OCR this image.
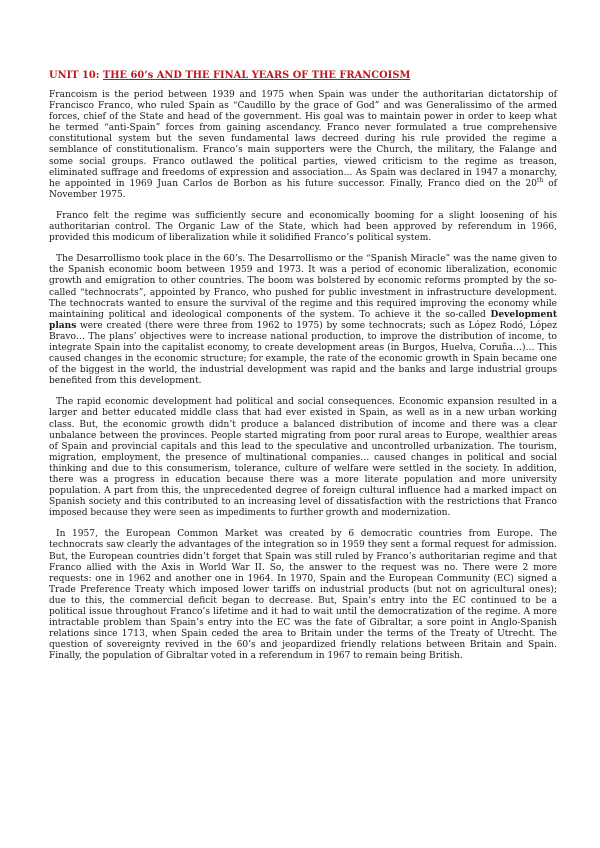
UNIT 10: THE 60’s AND THE FINAL YEARS OF THE FRANCOISM

Francoism is the period between 1939 and 1975 when Spain was under the authoritarian dictatorship of Francisco Franco, who ruled Spain as “Caudillo by the grace of God” and was Generalissimo of the armed forces, chief of the State and head of the government. His goal was to maintain power in order to keep what he termed “anti-Spain” forces from gaining ascendancy. Franco never formulated a true comprehensive constitutional system but the seven fundamental laws decreed during his rule provided the regime a semblance of constitutionalism. Franco’s main supporters were the Church, the military, the Falange and some social groups. Franco outlawed the political parties, viewed criticism to the regime as treason, eliminated suffrage and freedoms of expression and association… As Spain was declared in 1947 a monarchy, he appointed in 1969 Juan Carlos de Borbon as his future successor. Finally, Franco died on the 20th of November 1975.

Franco felt the regime was sufficiently secure and economically booming for a slight loosening of his authoritarian control. The Organic Law of the State, which had been approved by referendum in 1966, provided this modicum of liberalization while it solidified Franco’s political system.

The Desarrollismo took place in the 60’s. The Desarrollismo or the “Spanish Miracle” was the name given to the Spanish economic boom between 1959 and 1973. It was a period of economic liberalization, economic growth and emigration to other countries. The boom was bolstered by economic reforms prompted by the so-called “technocrats”, appointed by Franco, who pushed for public investment in infrastructure development. The technocrats wanted to ensure the survival of the regime and this required improving the economy while maintaining political and ideological components of the system. To achieve it the so-called Development plans were created (there were three from 1962 to 1975) by some technocrats; such as López Rodó, López Bravo… The plans’ objectives were to increase national production, to improve the distribution of income, to integrate Spain into the capitalist economy, to create development areas (in Burgos, Huelva, Coruña…)… This caused changes in the economic structure; for example, the rate of the economic growth in Spain became one of the biggest in the world, the industrial development was rapid and the banks and large industrial groups benefited from this development.

The rapid economic development had political and social consequences. Economic expansion resulted in a larger and better educated middle class that had ever existed in Spain, as well as in a new urban working class. But, the economic growth didn’t produce a balanced distribution of income and there was a clear unbalance between the provinces. People started migrating from poor rural areas to Europe, wealthier areas of Spain and provincial capitals and this lead to the speculative and uncontrolled urbanization. The tourism, migration, employment, the presence of multinational companies… caused changes in political and social thinking and due to this consumerism, tolerance, culture of welfare were settled in the society. In addition, there was a progress in education because there was a more literate population and more university population. A part from this, the unprecedented degree of foreign cultural influence had a marked impact on Spanish society and this contributed to an increasing level of dissatisfaction with the restrictions that Franco imposed because they were seen as impediments to further growth and modernization.

In 1957, the European Common Market was created by 6 democratic countries from Europe. The technocrats saw clearly the advantages of the integration so in 1959 they sent a formal request for admission. But, the European countries didn’t forget that Spain was still ruled by Franco’s authoritarian regime and that Franco allied with the Axis in World War II. So, the answer to the request was no. There were 2 more requests: one in 1962 and another one in 1964. In 1970, Spain and the European Community (EC) signed a Trade Preference Treaty which imposed lower tariffs on industrial products (but not on agricultural ones); due to this, the commercial deficit began to decrease. But, Spain’s entry into the EC continued to be a political issue throughout Franco’s lifetime and it had to wait until the democratization of the regime. A more intractable problem than Spain’s entry into the EC was the fate of Gibraltar, a sore point in Anglo-Spanish relations since 1713, when Spain ceded the area to Britain under the terms of the Treaty of Utrecht. The question of sovereignty revived in the 60’s and jeopardized friendly relations between Britain and Spain. Finally, the population of Gibraltar voted in a referendum in 1967 to remain being British.
